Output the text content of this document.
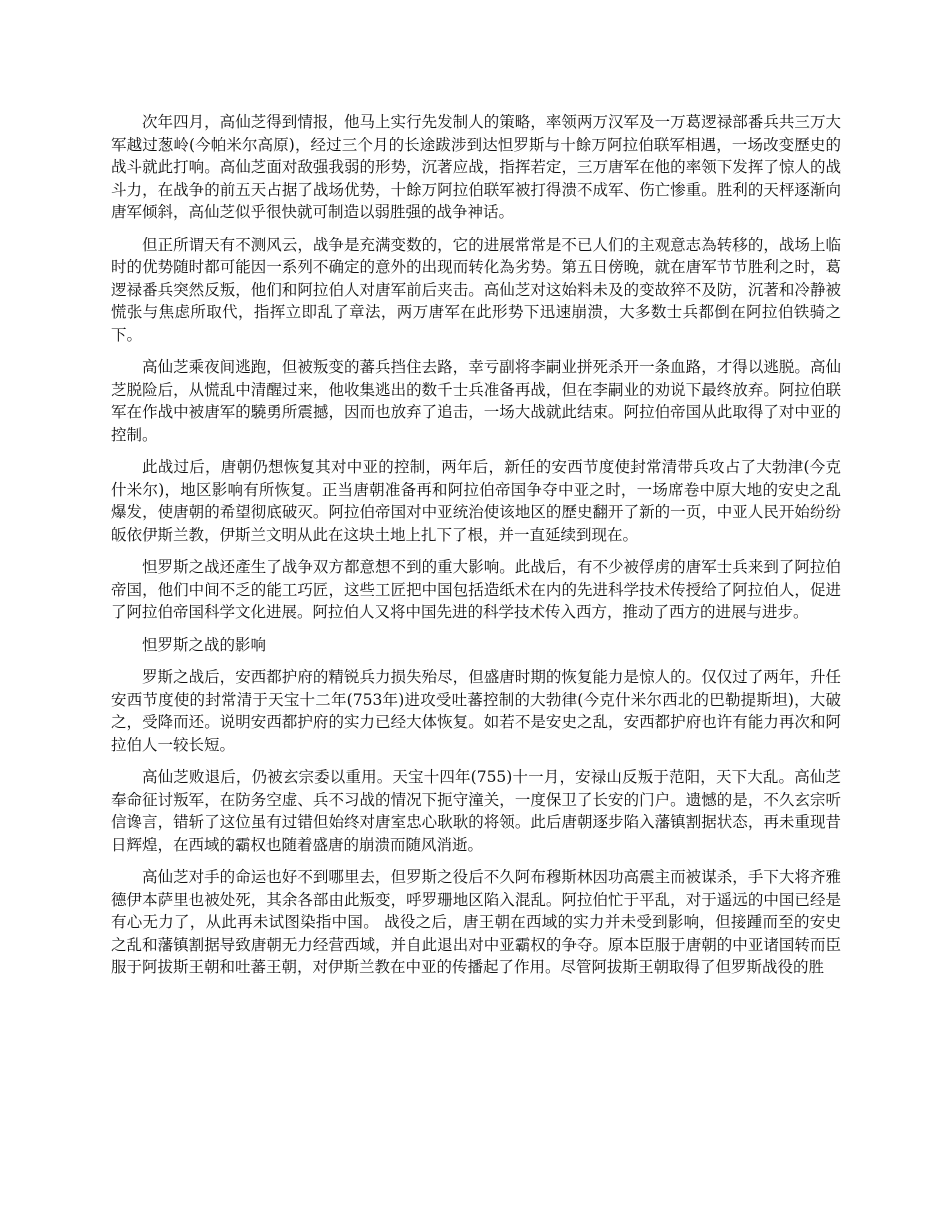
次年四月，高仙芝得到情报，他马上实行先发制人的策略，率领两万汉军及一万葛逻禄部番兵共三万大军越过葱岭(今帕米尔高原)，经过三个月的长途跋涉到达怛罗斯与十餘万阿拉伯联军相遇，一场改变歷史的战斗就此打响。高仙芝面对敌强我弱的形势，沉著应战，指挥若定，三万唐军在他的率领下发挥了惊人的战斗力，在战争的前五天占据了战场优势，十餘万阿拉伯联军被打得溃不成军、伤亡惨重。胜利的天枰逐渐向唐军倾斜，高仙芝似乎很快就可制造以弱胜强的战争神话。

但正所谓天有不测风云，战争是充满变数的，它的进展常常是不已人们的主观意志為转移的，战场上临时的优势随时都可能因一系列不确定的意外的出现而转化為劣势。第五日傍晚，就在唐军节节胜利之时，葛逻禄番兵突然反叛，他们和阿拉伯人对唐军前后夹击。高仙芝对这始料未及的变故猝不及防，沉著和冷静被慌张与焦虑所取代，指挥立即乱了章法，两万唐军在此形势下迅速崩溃，大多数士兵都倒在阿拉伯铁骑之下。

高仙芝乘夜间逃跑，但被叛变的蕃兵挡住去路，幸亏副将李嗣业拼死杀开一条血路，才得以逃脱。高仙芝脱险后，从慌乱中清醒过来，他收集逃出的数千士兵准备再战，但在李嗣业的劝说下最终放弃。阿拉伯联军在作战中被唐军的驍勇所震撼，因而也放弃了追击，一场大战就此结束。阿拉伯帝国从此取得了对中亚的控制。

此战过后，唐朝仍想恢复其对中亚的控制，两年后，新任的安西节度使封常清带兵攻占了大勃津(今克什米尔)，地区影响有所恢复。正当唐朝准备再和阿拉伯帝国争夺中亚之时，一场席卷中原大地的安史之乱爆发，使唐朝的希望彻底破灭。阿拉伯帝国对中亚统治使该地区的歷史翻开了新的一页，中亚人民开始纷纷皈依伊斯兰教，伊斯兰文明从此在这块土地上扎下了根，并一直延续到现在。

怛罗斯之战还產生了战争双方都意想不到的重大影响。此战后，有不少被俘虏的唐军士兵来到了阿拉伯帝国，他们中间不乏的能工巧匠，这些工匠把中国包括造纸术在内的先进科学技术传授给了阿拉伯人，促进了阿拉伯帝国科学文化进展。阿拉伯人又将中国先进的科学技术传入西方，推动了西方的进展与进步。

怛罗斯之战的影响

罗斯之战后，安西都护府的精锐兵力损失殆尽，但盛唐时期的恢复能力是惊人的。仅仅过了两年，升任安西节度使的封常清于天宝十二年(753年)进攻受吐蕃控制的大勃律(今克什米尔西北的巴勒提斯坦)，大破之，受降而还。说明安西都护府的实力已经大体恢复。如若不是安史之乱，安西都护府也许有能力再次和阿拉伯人一较长短。

高仙芝败退后，仍被玄宗委以重用。天宝十四年(755)十一月，安禄山反叛于范阳，天下大乱。高仙芝奉命征讨叛军，在防务空虚、兵不习战的情况下扼守潼关，一度保卫了长安的门户。遗憾的是，不久玄宗听信谗言，错斩了这位虽有过错但始终对唐室忠心耿耿的将领。此后唐朝逐步陷入藩镇割据状态，再未重现昔日辉煌，在西域的霸权也随着盛唐的崩溃而随风消逝。

高仙芝对手的命运也好不到哪里去，但罗斯之役后不久阿布穆斯林因功高震主而被谋杀，手下大将齐雅德伊本萨里也被处死，其余各部由此叛变，呼罗珊地区陷入混乱。阿拉伯忙于平乱，对于遥远的中国已经是有心无力了，从此再未试图染指中国。 战役之后，唐王朝在西域的实力并未受到影响，但接踵而至的安史之乱和藩镇割据导致唐朝无力经营西域，并自此退出对中亚霸权的争夺。原本臣服于唐朝的中亚诸国转而臣服于阿拔斯王朝和吐蕃王朝，对伊斯兰教在中亚的传播起了作用。尽管阿拔斯王朝取得了但罗斯战役的胜
